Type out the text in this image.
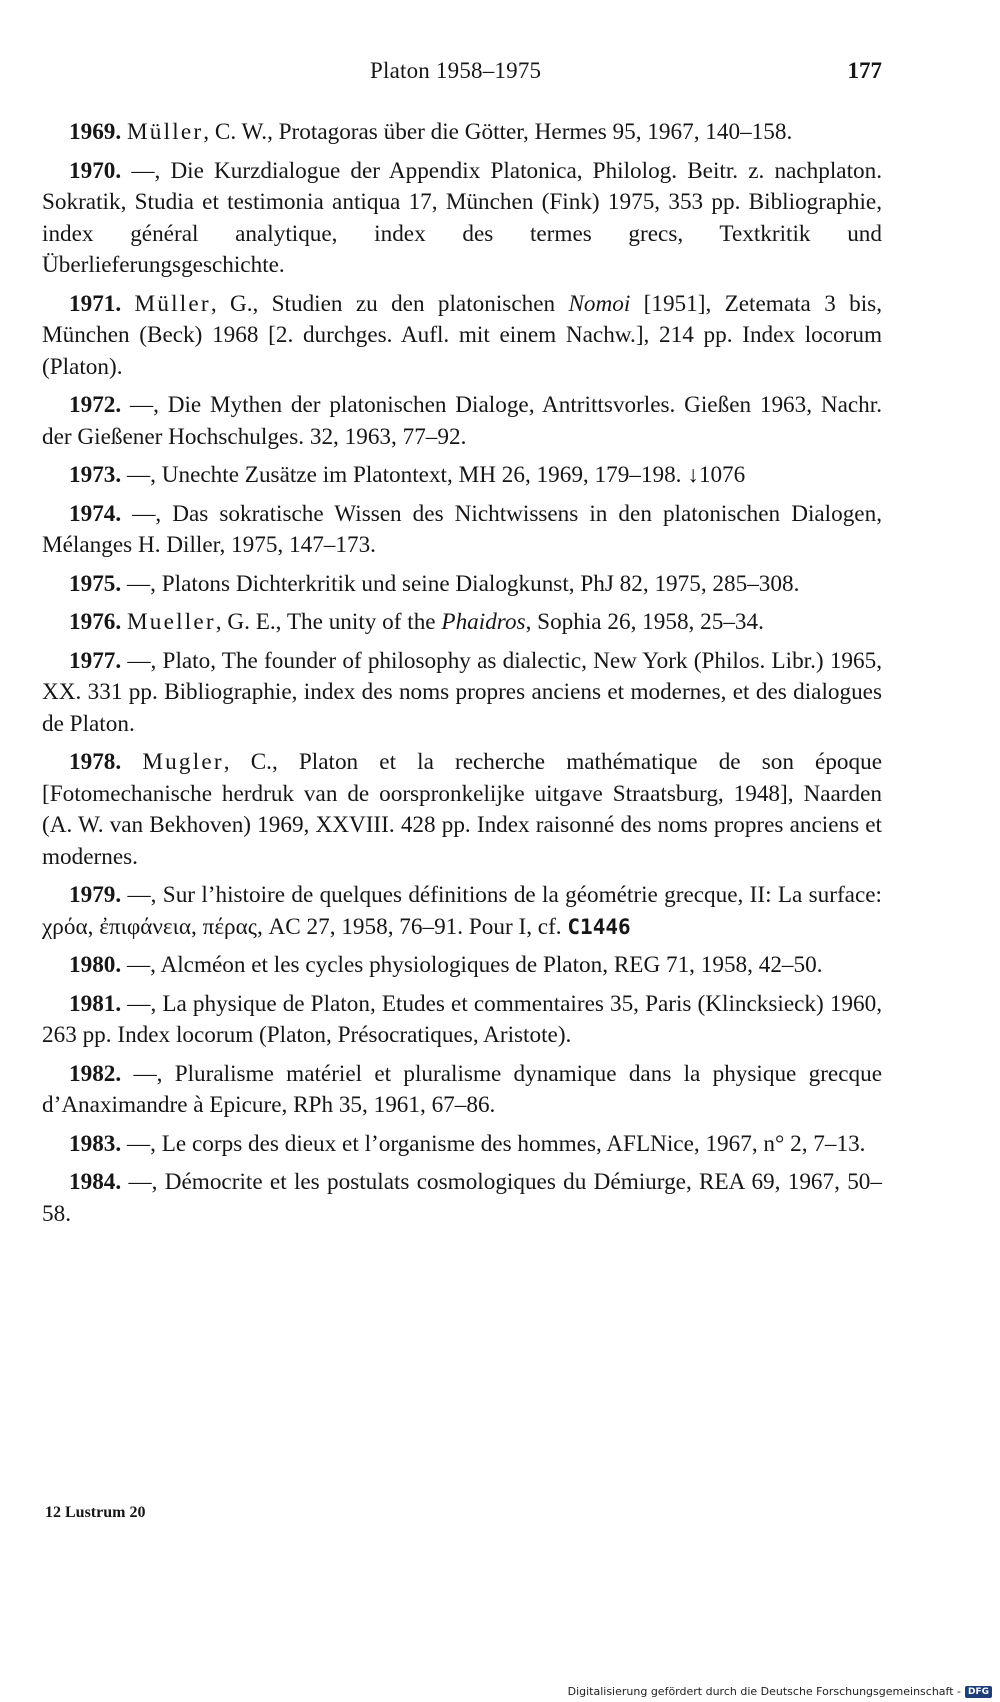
Platon 1958–1975	177

1969. Müller, C. W., Protagoras über die Götter, Hermes 95, 1967, 140–158.

1970. —, Die Kurzdialogue der Appendix Platonica, Philolog. Beitr. z. nachplaton. Sokratik, Studia et testimonia antiqua 17, München (Fink) 1975, 353 pp. Bibliographie, index général analytique, index des termes grecs, Textkritik und Überlieferungsgeschichte.

1971. Müller, G., Studien zu den platonischen Nomoi [1951], Zetemata 3 bis, München (Beck) 1968 [2. durchges. Aufl. mit einem Nachw.], 214 pp. Index locorum (Platon).

1972. —, Die Mythen der platonischen Dialoge, Antrittsvorles. Gießen 1963, Nachr. der Gießener Hochschulges. 32, 1963, 77–92.

1973. —, Unechte Zusätze im Platontext, MH 26, 1969, 179–198. ↓1076

1974. —, Das sokratische Wissen des Nichtwissens in den platonischen Dialogen, Mélanges H. Diller, 1975, 147–173.

1975. —, Platons Dichterkritik und seine Dialogkunst, PhJ 82, 1975, 285–308.

1976. Mueller, G. E., The unity of the Phaidros, Sophia 26, 1958, 25–34.

1977. —, Plato, The founder of philosophy as dialectic, New York (Philos. Libr.) 1965, XX. 331 pp. Bibliographie, index des noms propres anciens et modernes, et des dialogues de Platon.

1978. Mugler, C., Platon et la recherche mathématique de son époque [Fotomechanische herdruk van de oorspronkelijke uitgave Straatsburg, 1948], Naarden (A. W. van Bekhoven) 1969, XXVIII. 428 pp. Index raisonné des noms propres anciens et modernes.

1979. —, Sur l’histoire de quelques définitions de la géométrie grecque, II: La surface: χρόα, ἐπιφάνεια, πέρας, AC 27, 1958, 76–91. Pour I, cf. C1446

1980. —, Alcméon et les cycles physiologiques de Platon, REG 71, 1958, 42–50.

1981. —, La physique de Platon, Etudes et commentaires 35, Paris (Klincksieck) 1960, 263 pp. Index locorum (Platon, Présocratiques, Aristote).

1982. —, Pluralisme matériel et pluralisme dynamique dans la physique grecque d’Anaximandre à Epicure, RPh 35, 1961, 67–86.

1983. —, Le corps des dieux et l’organisme des hommes, AFLNice, 1967, n° 2, 7–13.

1984. —, Démocrite et les postulats cosmologiques du Démiurge, REA 69, 1967, 50–58.

12 Lustrum 20
Digitalisierung gefördert durch die Deutsche Forschungsgemeinschaft - DFG
